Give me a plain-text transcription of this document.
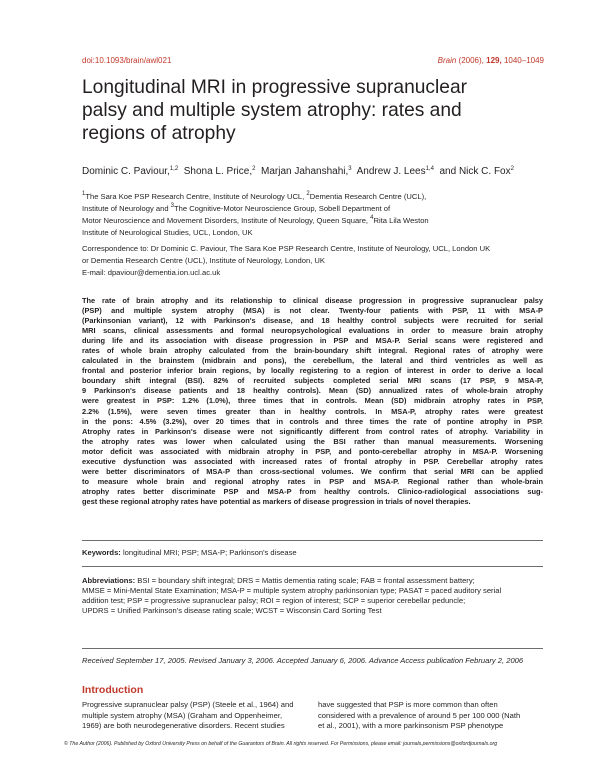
doi:10.1093/brain/awl021	Brain (2006), 129, 1040–1049
Longitudinal MRI in progressive supranuclear
palsy and multiple system atrophy: rates and
regions of atrophy
Dominic C. Paviour,$^{1,2}$ Shona L. Price,$^2$ Marjan Jahanshahi,$^3$ Andrew J. Lees$^{1,4}$ and Nick C. Fox$^2$
$^1$The Sara Koe PSP Research Centre, Institute of Neurology UCL, $^2$Dementia Research Centre (UCL),
Institute of Neurology and $^3$The Cognitive-Motor Neuroscience Group, Sobell Department of
Motor Neuroscience and Movement Disorders, Institute of Neurology, Queen Square, $^4$Rita Lila Weston
Institute of Neurological Studies, UCL, London, UK
Correspondence to: Dr Dominic C. Paviour, The Sara Koe PSP Research Centre, Institute of Neurology, UCL, London UK
or Dementia Research Centre (UCL), Institute of Neurology, London, UK
E-mail: dpaviour@dementia.ion.ucl.ac.uk
The rate of brain atrophy and its relationship to clinical disease progression in progressive supranuclear palsy
(PSP) and multiple system atrophy (MSA) is not clear. Twenty-four patients with PSP, 11 with MSA-P
(Parkinsonian variant), 12 with Parkinson's disease, and 18 healthy control subjects were recruited for serial
MRI scans, clinical assessments and formal neuropsychological evaluations in order to measure brain atrophy
during life and its association with disease progression in PSP and MSA-P. Serial scans were registered and
rates of whole brain atrophy calculated from the brain-boundary shift integral. Regional rates of atrophy were
calculated in the brainstem (midbrain and pons), the cerebellum, the lateral and third ventricles as well as
frontal and posterior inferior brain regions, by locally registering to a region of interest in order to derive a local
boundary shift integral (BSI). 82% of recruited subjects completed serial MRI scans (17 PSP, 9 MSA-P,
9 Parkinson's disease patients and 18 healthy controls). Mean (SD) annualized rates of whole-brain atrophy
were greatest in PSP: 1.2% (1.0%), three times that in controls. Mean (SD) midbrain atrophy rates in PSP,
2.2% (1.5%), were seven times greater than in healthy controls. In MSA-P, atrophy rates were greatest
in the pons: 4.5% (3.2%), over 20 times that in controls and three times the rate of pontine atrophy in PSP.
Atrophy rates in Parkinson's disease were not significantly different from control rates of atrophy. Variability in
the atrophy rates was lower when calculated using the BSI rather than manual measurements. Worsening
motor deficit was associated with midbrain atrophy in PSP, and ponto-cerebellar atrophy in MSA-P. Worsening
executive dysfunction was associated with increased rates of frontal atrophy in PSP. Cerebellar atrophy rates
were better discriminators of MSA-P than cross-sectional volumes. We confirm that serial MRI can be applied
to measure whole brain and regional atrophy rates in PSP and MSA-P. Regional rather than whole-brain
atrophy rates better discriminate PSP and MSA-P from healthy controls. Clinico-radiological associations sug-
gest these regional atrophy rates have potential as markers of disease progression in trials of novel therapies.
Keywords: longitudinal MRI; PSP; MSA-P; Parkinson's disease
Abbreviations: BSI = boundary shift integral; DRS = Mattis dementia rating scale; FAB = frontal assessment battery;
MMSE = Mini-Mental State Examination; MSA-P = multiple system atrophy parkinsonian type; PASAT = paced auditory serial
addition test; PSP = progressive supranuclear palsy; ROI = region of interest; SCP = superior cerebellar peduncle;
UPDRS = Unified Parkinson's disease rating scale; WCST = Wisconsin Card Sorting Test
Received September 17, 2005. Revised January 3, 2006. Accepted January 6, 2006. Advance Access publication February 2, 2006
Introduction
Progressive supranuclear palsy (PSP) (Steele et al., 1964) and
multiple system atrophy (MSA) (Graham and Oppenheimer,
1969) are both neurodegenerative disorders. Recent studies
have suggested that PSP is more common than often
considered with a prevalence of around 5 per 100 000 (Nath
et al., 2001), with a more parkinsonism PSP phenotype
© The Author (2006). Published by Oxford University Press on behalf of the Guarantors of Brain. All rights reserved. For Permissions, please email: journals.permissions@oxfordjournals.org
